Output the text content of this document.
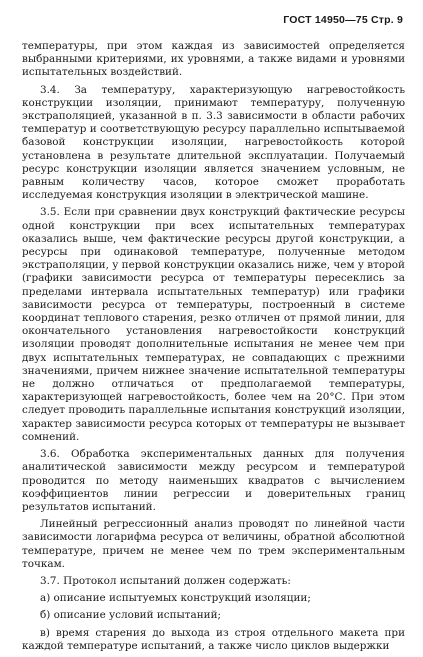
ГОСТ 14950—75 Стр. 9

температуры, при этом каждая из зависимостей определяется выбранными критериями, их уровнями, а также видами и уровнями испытательных воздействий.

3.4. За температуру, характеризующую нагревостойкость конструкции изоляции, принимают температуру, полученную экстраполяцией, указанной в п. 3.3 зависимости в области рабочих температур и соответствующую ресурсу параллельно испытываемой базовой конструкции изоляции, нагревостойкость которой установлена в результате длительной эксплуатации. Получаемый ресурс конструкции изоляции является значением условным, не равным количеству часов, которое сможет проработать исследуемая конструкция изоляции в электрической машине.

3.5. Если при сравнении двух конструкций фактические ресурсы одной конструкции при всех испытательных температурах оказались выше, чем фактические ресурсы другой конструкции, а ресурсы при одинаковой температуре, полученные методом экстраполяции, у первой конструкции оказались ниже, чем у второй (графики зависимости ресурса от температуры пересеклись за пределами интервала испытательных температур) или графики зависимости ресурса от температуры, построенный в системе координат теплового старения, резко отличен от прямой линии, для окончательного установления нагревостойкости конструкций изоляции проводят дополнительные испытания не менее чем при двух испытательных температурах, не совпадающих с прежними значениями, причем нижнее значение испытательной температуры не должно отличаться от предполагаемой температуры, характеризующей нагревостойкость, более чем на 20°С. При этом следует проводить параллельные испытания конструкций изоляции, характер зависимости ресурса которых от температуры не вызывает сомнений.

3.6. Обработка экспериментальных данных для получения аналитической зависимости между ресурсом и температурой проводится по методу наименьших квадратов с вычислением коэффициентов линии регрессии и доверительных границ результатов испытаний.

Линейный регрессионный анализ проводят по линейной части зависимости логарифма ресурса от величины, обратной абсолютной температуре, причем не менее чем по трем экспериментальным точкам.

3.7. Протокол испытаний должен содержать:

а) описание испытуемых конструкций изоляции;

б) описание условий испытаний;

в) время старения до выхода из строя отдельного макета при каждой температуре испытаний, а также число циклов выдержки
